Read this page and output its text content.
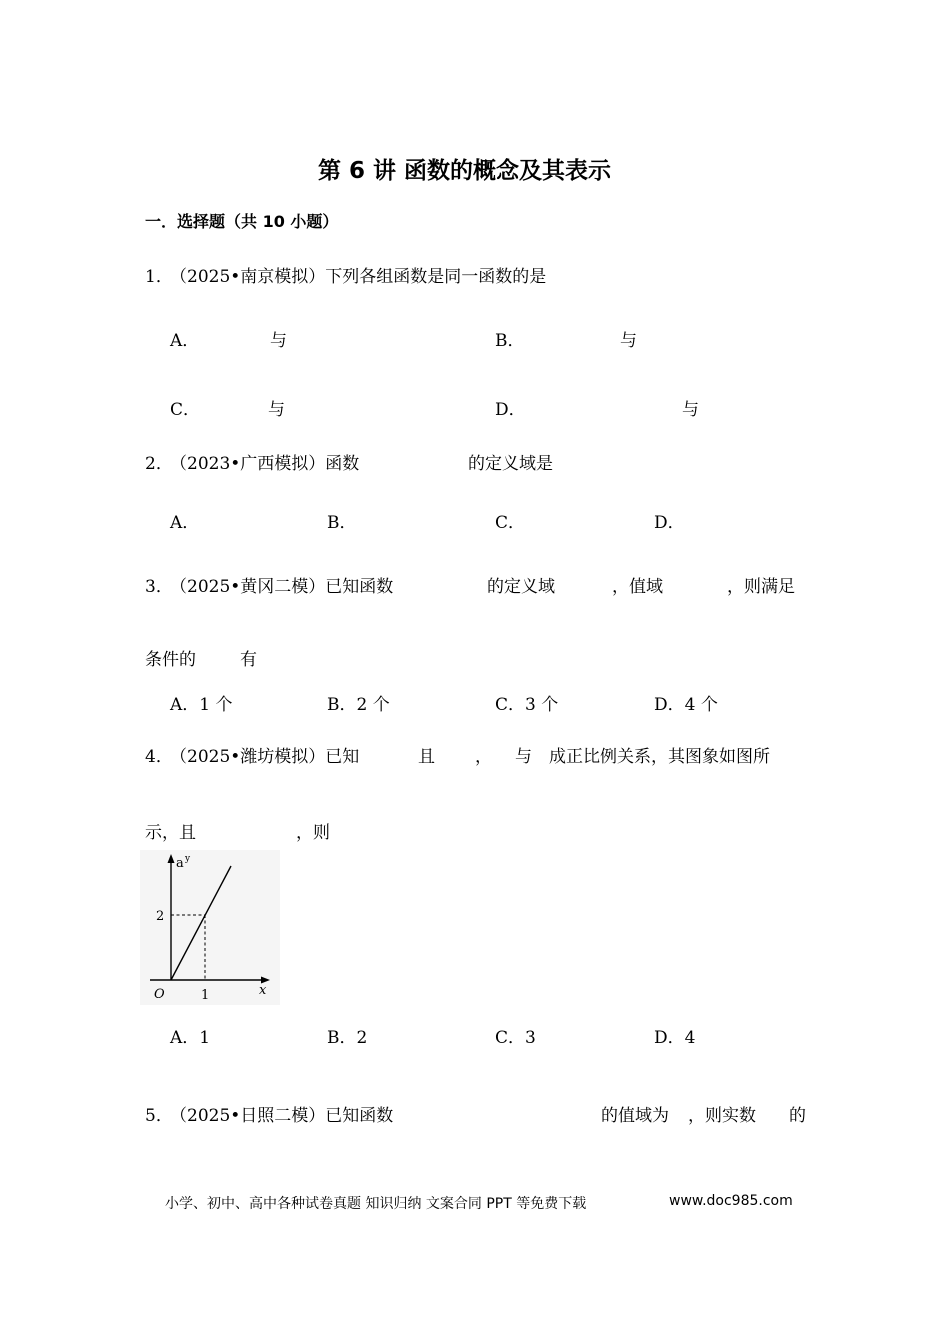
第 6 讲 函数的概念及其表示
一．选择题（共 10 小题）
1．
（2025•南京模拟）下列各组函数是同一函数的是
A．	与	B．	与
C．	与	D．	与
2．
（2023•广西模拟）函数	的定义域是
A．	B．	C．	D．
3．
（2025•黄冈二模）已知函数	的定义域	，值域	，则满足
条件的	有
A．1 个	B．2 个	C．3 个	D．4 个
4．
（2025•潍坊模拟）已知	且 ， 与 成正比例关系，其图象如图所
示，且	，则
a y
x
O	1
2
A．1	B．2	C．3	D．4
5．
（2025•日照二模）已知函数	的值域为 ，则实数 的
小学、初中、高中各种试卷真题 知识归纳 文案合同 PPT 等免费下载	www.doc985.com
